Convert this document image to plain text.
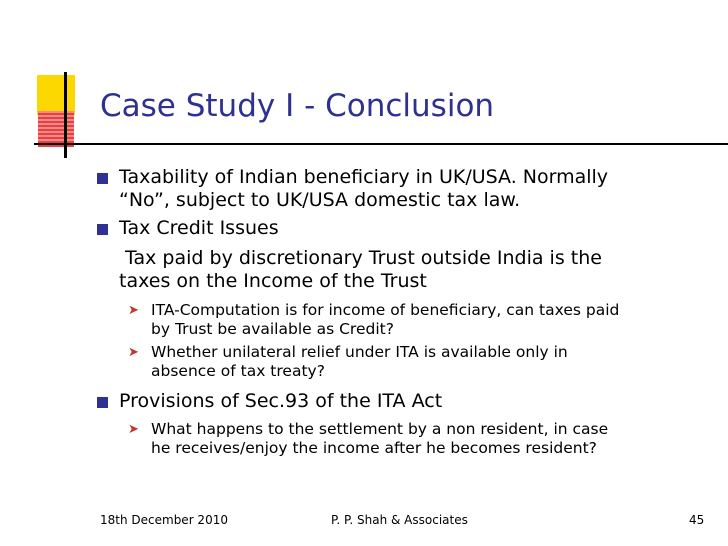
Case Study I - Conclusion
Taxability of Indian beneficiary in UK/USA. Normally
“No”, subject to UK/USA domestic tax law.
Tax Credit Issues
Tax paid by discretionary Trust outside India is the
taxes on the Income of the Trust
➤ ITA-Computation is for income of beneficiary, can taxes paid
by Trust be available as Credit?
➤ Whether unilateral relief under ITA is available only in
absence of tax treaty?
Provisions of Sec.93 of the ITA Act
➤ What happens to the settlement by a non resident, in case
he receives/enjoy the income after he becomes resident?
18th December 2010	P. P. Shah & Associates	45
